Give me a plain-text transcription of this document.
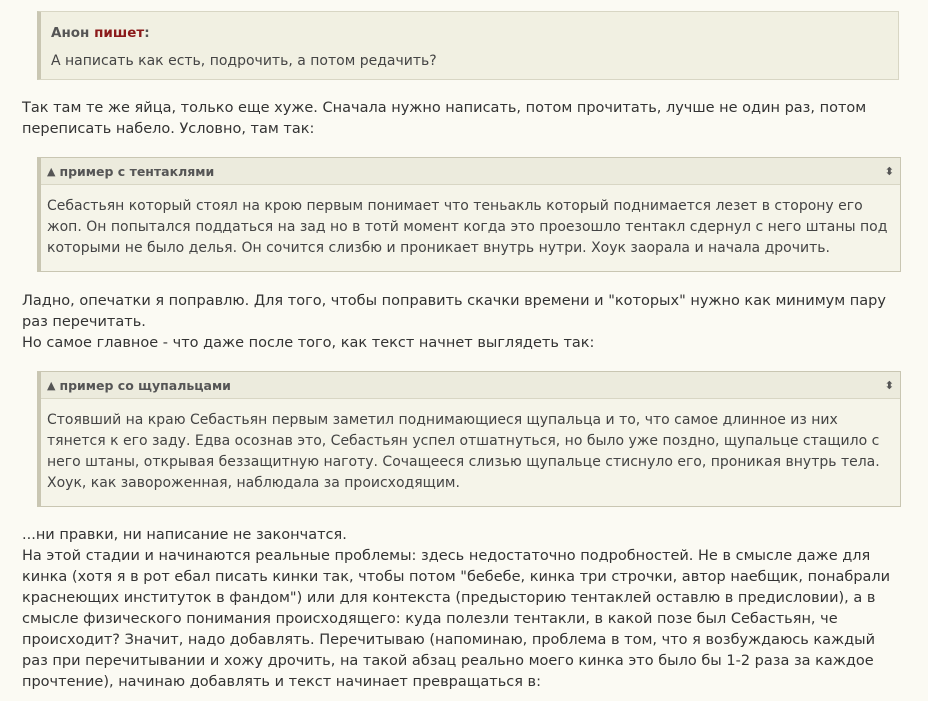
Анон пишет:
А написать как есть, подрочить, а потом редачить?

Так там те же яйца, только еще хуже. Сначала нужно написать, потом прочитать, лучше не один раз, потом переписать набело. Условно, там так:

▲ пример с тентаклями	⬍
Себастьян который стоял на крою первым понимает что теньакль который поднимается лезет в сторону его жоп. Он попытался поддаться на зад но в тотй момент когда это проезошло тентакл сдернул с него штаны под которыми не было делья. Он сочится слизбю и проникает внутрь нутри. Хоук заорала и начала дрочить.

Ладно, опечатки я поправлю. Для того, чтобы поправить скачки времени и "которых" нужно как минимум пару раз перечитать.

Но самое главное - что даже после того, как текст начнет выглядеть так:

▲ пример со щупальцами	⬍
Стоявший на краю Себастьян первым заметил поднимающиеся щупальца и то, что самое длинное из них тянется к его заду. Едва осознав это, Себастьян успел отшатнуться, но было уже поздно, щупальце стащило с него штаны, открывая беззащитную наготу. Сочащееся слизью щупальце стиснуло его, проникая внутрь тела. Хоук, как завороженная, наблюдала за происходящим.

...ни правки, ни написание не закончатся.

На этой стадии и начинаются реальные проблемы: здесь недостаточно подробностей. Не в смысле даже для кинка (хотя я в рот ебал писать кинки так, чтобы потом "бебебе, кинка три строчки, автор наебщик, понабрали краснеющих институток в фандом") или для контекста (предысторию тентаклей оставлю в предисловии), а в смысле физического понимания происходящего: куда полезли тентакли, в какой позе был Себастьян, че происходит? Значит, надо добавлять. Перечитываю (напоминаю, проблема в том, что я возбуждаюсь каждый раз при перечитывании и хожу дрочить, на такой абзац реально моего кинка это было бы 1-2 раза за каждое прочтение), начинаю добавлять и текст начинает превращаться в:
